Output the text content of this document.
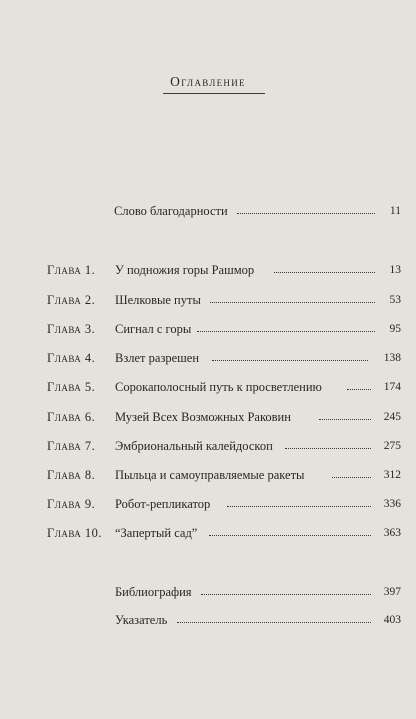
Оглавление
Слово благодарности	11
Глава 1. У подножия горы Рашмор	13
Глава 2. Шелковые путы	53
Глава 3. Сигнал с горы	95
Глава 4. Взлет разрешен	138
Глава 5. Сорокаполосный путь к просветлению	174
Глава 6. Музей Всех Возможных Раковин	245
Глава 7. Эмбриональный калейдоскоп	275
Глава 8. Пыльца и самоуправляемые ракеты	312
Глава 9. Робот-репликатор	336
Глава 10. “Запертый сад”	363
Библиография	397
Указатель	403
